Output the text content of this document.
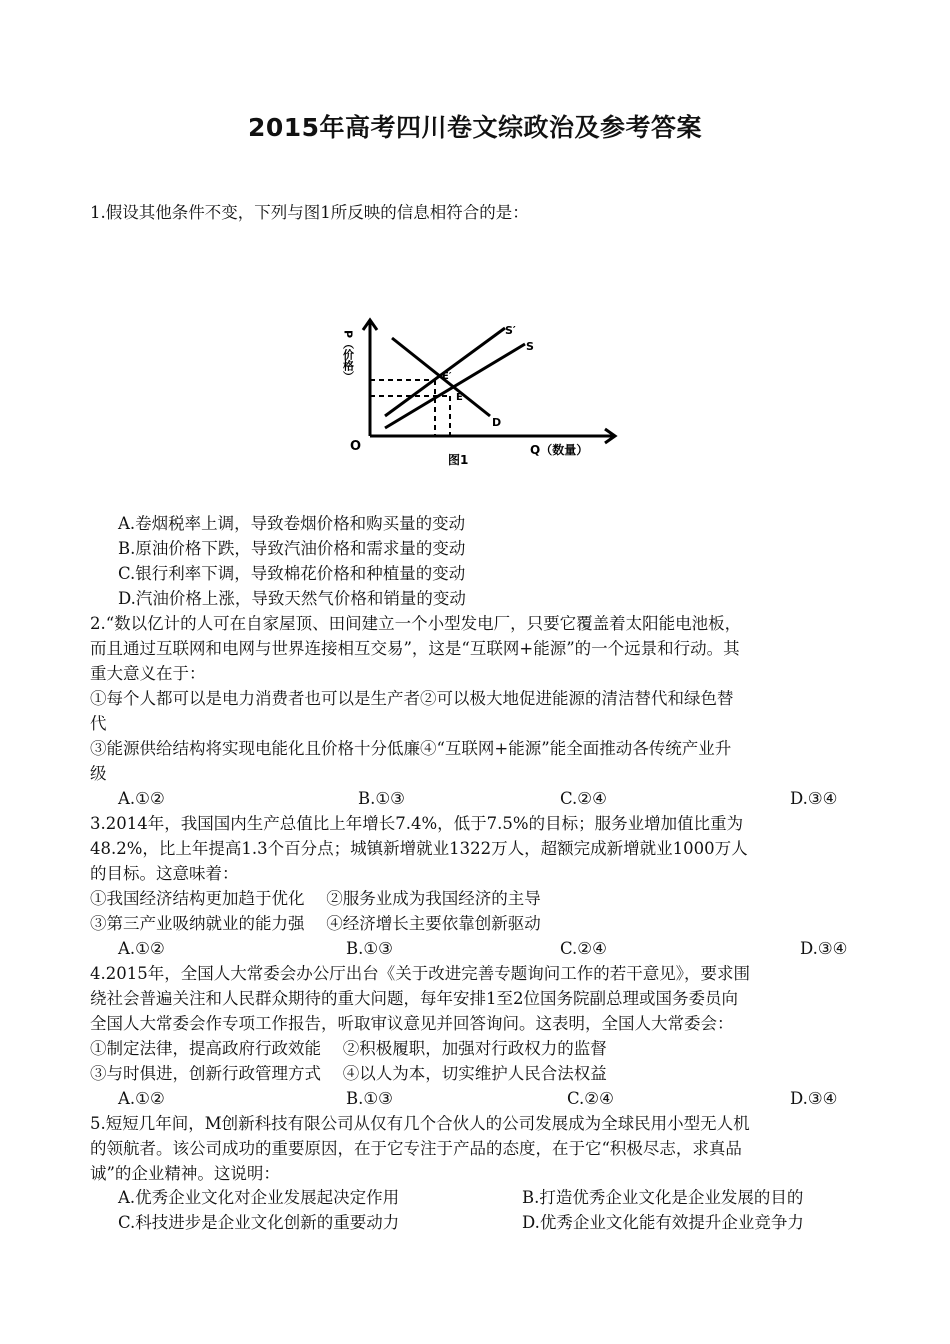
2015年高考四川卷文综政治及参考答案
1.假设其他条件不变，下列与图1所反映的信息相符合的是：
P（价格）
O	Q（数量）
图1
S′
S
E′
E
D
A.卷烟税率上调，导致卷烟价格和购买量的变动
B.原油价格下跌，导致汽油价格和需求量的变动
C.银行利率下调，导致棉花价格和种植量的变动
D.汽油价格上涨，导致天然气价格和销量的变动
2.“数以亿计的人可在自家屋顶、田间建立一个小型发电厂，只要它覆盖着太阳能电池板，
而且通过互联网和电网与世界连接相互交易”，这是“互联网+能源”的一个远景和行动。其
重大意义在于：
①每个人都可以是电力消费者也可以是生产者②可以极大地促进能源的清洁替代和绿色替
代
③能源供给结构将实现电能化且价格十分低廉④“互联网+能源”能全面推动各传统产业升
级
A.①②	B.①③	C.②④	D.③④
3.2014年，我国国内生产总值比上年增长7.4%，低于7.5%的目标；服务业增加值比重为
48.2%，比上年提高1.3个百分点；城镇新增就业1322万人，超额完成新增就业1000万人
的目标。这意味着：
①我国经济结构更加趋于优化　 ②服务业成为我国经济的主导
③第三产业吸纳就业的能力强　 ④经济增长主要依靠创新驱动
A.①②	B.①③	C.②④	D.③④
4.2015年，全国人大常委会办公厅出台《关于改进完善专题询问工作的若干意见》，要求围
绕社会普遍关注和人民群众期待的重大问题，每年安排1至2位国务院副总理或国务委员向
全国人大常委会作专项工作报告，听取审议意见并回答询问。这表明，全国人大常委会：
①制定法律，提高政府行政效能　 ②积极履职，加强对行政权力的监督
③与时俱进，创新行政管理方式　 ④以人为本，切实维护人民合法权益
A.①②	B.①③	C.②④	D.③④
5.短短几年间，M创新科技有限公司从仅有几个合伙人的公司发展成为全球民用小型无人机
的领航者。该公司成功的重要原因，在于它专注于产品的态度，在于它“积极尽志，求真品
诚”的企业精神。这说明：
A.优秀企业文化对企业发展起决定作用	B.打造优秀企业文化是企业发展的目的
C.科技进步是企业文化创新的重要动力	D.优秀企业文化能有效提升企业竞争力
